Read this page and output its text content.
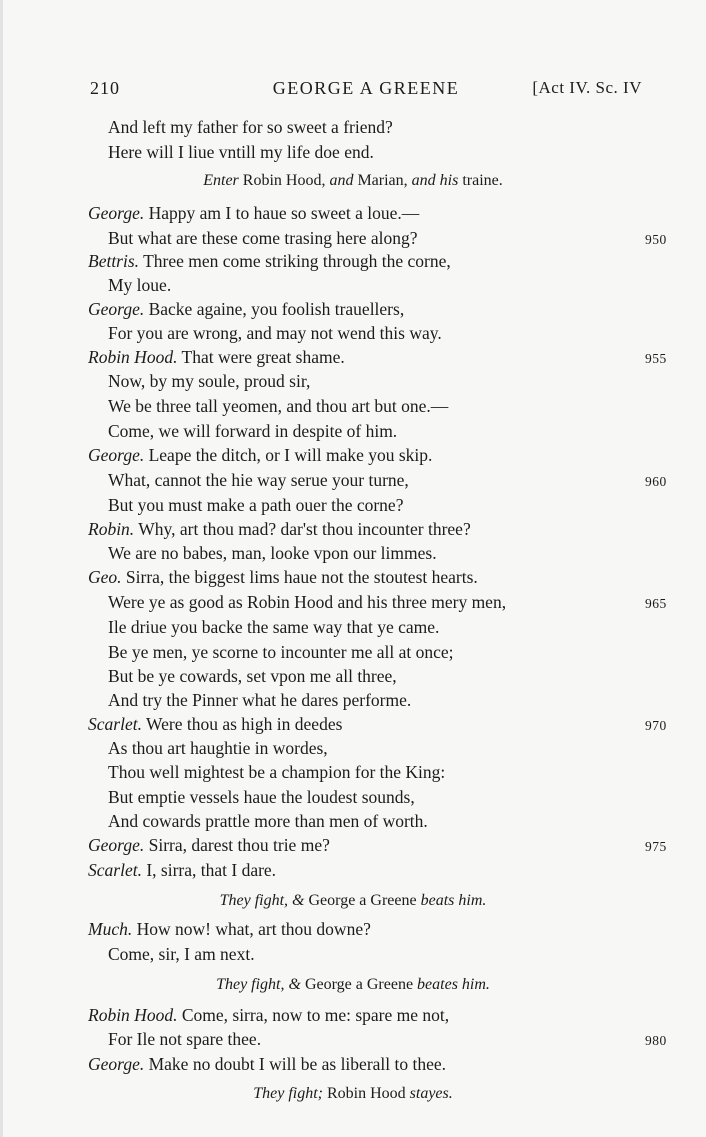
210	GEORGE A GREENE	[Act IV. Sc. IV
And left my father for so sweet a friend?
Here will I liue vntill my life doe end.
Enter Robin Hood, and Marian, and his traine.
George. Happy am I to haue so sweet a loue.—
But what are these come trasing here along?	950
Bettris. Three men come striking through the corne,
My loue.
George. Backe againe, you foolish trauellers,
For you are wrong, and may not wend this way.
Robin Hood. That were great shame.	955
Now, by my soule, proud sir,
We be three tall yeomen, and thou art but one.—
Come, we will forward in despite of him.
George. Leape the ditch, or I will make you skip.
What, cannot the hie way serue your turne,	960
But you must make a path ouer the corne?
Robin. Why, art thou mad? dar'st thou incounter three?
We are no babes, man, looke vpon our limmes.
Geo. Sirra, the biggest lims haue not the stoutest hearts.
Were ye as good as Robin Hood and his three mery men,	965
Ile driue you backe the same way that ye came.
Be ye men, ye scorne to incounter me all at once;
But be ye cowards, set vpon me all three,
And try the Pinner what he dares performe.
Scarlet. Were thou as high in deedes	970
As thou art haughtie in wordes,
Thou well mightest be a champion for the King:
But emptie vessels haue the loudest sounds,
And cowards prattle more than men of worth.
George. Sirra, darest thou trie me?	975
Scarlet. I, sirra, that I dare.
They fight, & George a Greene beats him.
Much. How now! what, art thou downe?
Come, sir, I am next.
They fight, & George a Greene beates him.
Robin Hood. Come, sirra, now to me: spare me not,
For Ile not spare thee.	980
George. Make no doubt I will be as liberall to thee.
They fight; Robin Hood stayes.
